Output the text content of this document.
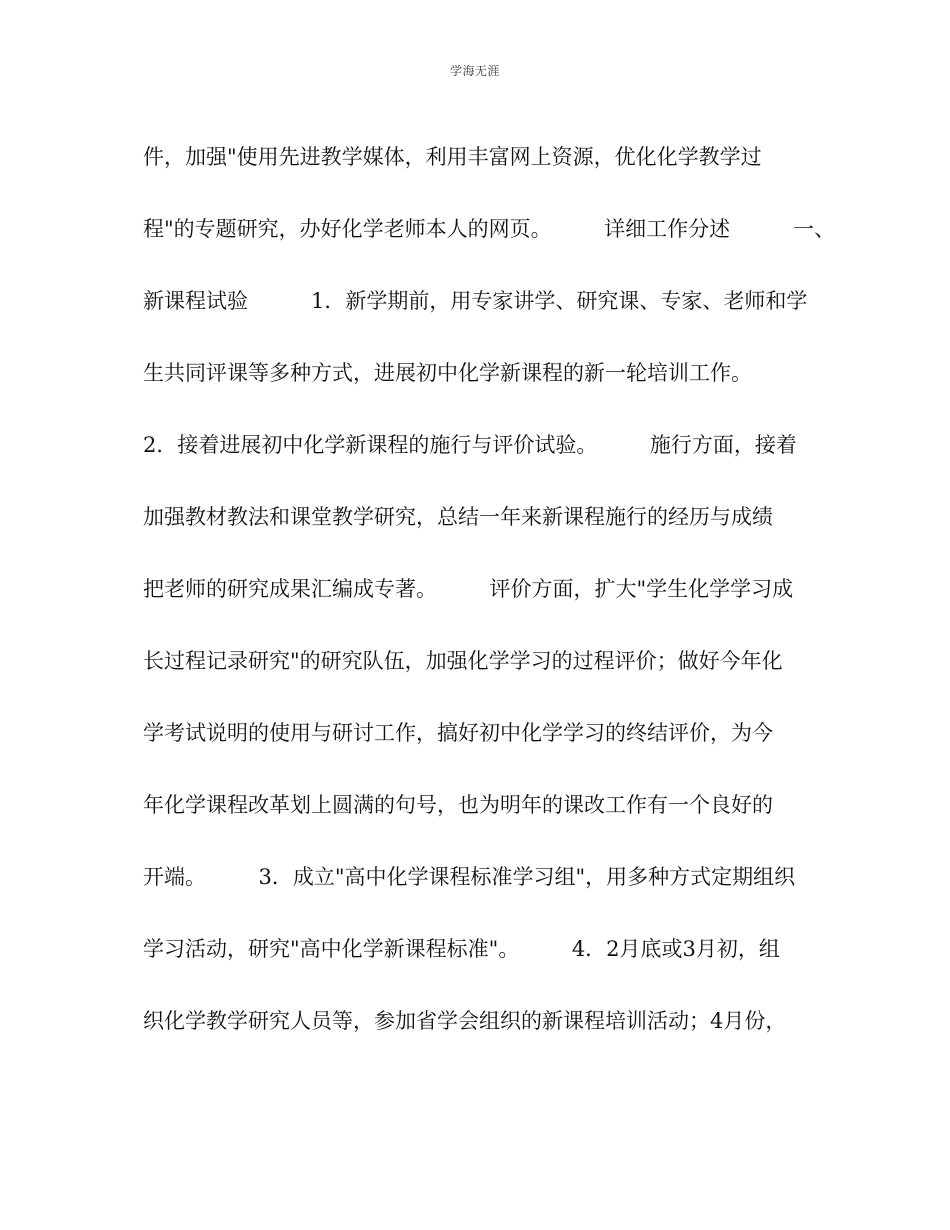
学海无涯
件，加强"使用先进教学媒体，利用丰富网上资源，优化化学教学过
程"的专题研究，办好化学老师本人的网页。　　　详细工作分述　　　一、
新课程试验　　　1．新学期前，用专家讲学、研究课、专家、老师和学
生共同评课等多种方式，进展初中化学新课程的新一轮培训工作。
2．接着进展初中化学新课程的施行与评价试验。　　　施行方面，接着
加强教材教法和课堂教学研究，总结一年来新课程施行的经历与成绩
把老师的研究成果汇编成专著。　　　评价方面，扩大"学生化学学习成
长过程记录研究"的研究队伍，加强化学学习的过程评价；做好今年化
学考试说明的使用与研讨工作，搞好初中化学学习的终结评价，为今
年化学课程改革划上圆满的句号，也为明年的课改工作有一个良好的
开端。　　　3．成立"高中化学课程标准学习组"，用多种方式定期组织
学习活动，研究"高中化学新课程标准"。　　　4．2月底或3月初，组
织化学教学研究人员等，参加省学会组织的新课程培训活动；4月份，
